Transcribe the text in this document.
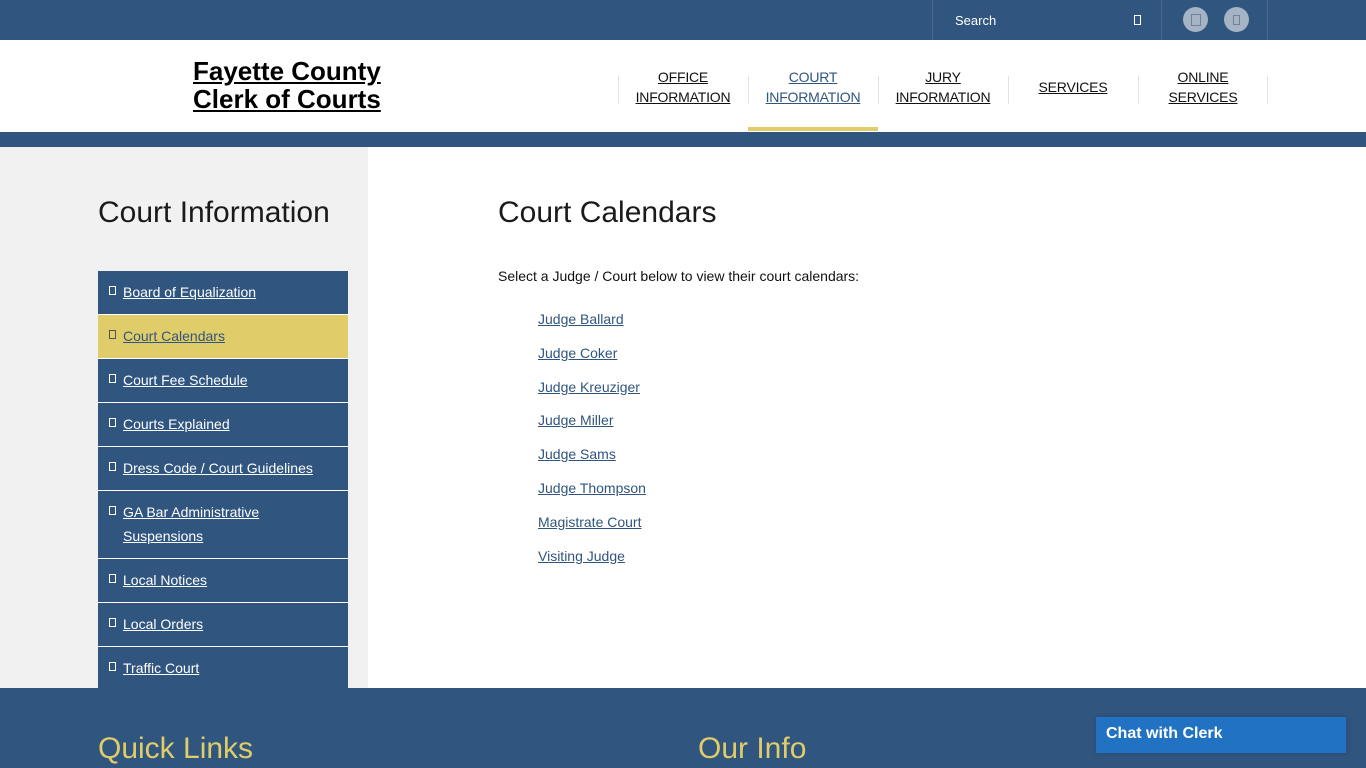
Search
Fayette County
Clerk of Courts
OFFICE
INFORMATION
COURT
INFORMATION
JURY
INFORMATION
SERVICES
ONLINE
SERVICES
Court Information
Board of Equalization
Court Calendars
Court Fee Schedule
Courts Explained
Dress Code / Court Guidelines
GA Bar Administrative Suspensions
Local Notices
Local Orders
Traffic Court
Court Calendars

Select a Judge / Court below to view their court calendars:

Judge Ballard
Judge Coker
Judge Kreuziger
Judge Miller
Judge Sams
Judge Thompson
Magistrate Court
Visiting Judge
Quick Links	Our Info	Chat with Clerk
